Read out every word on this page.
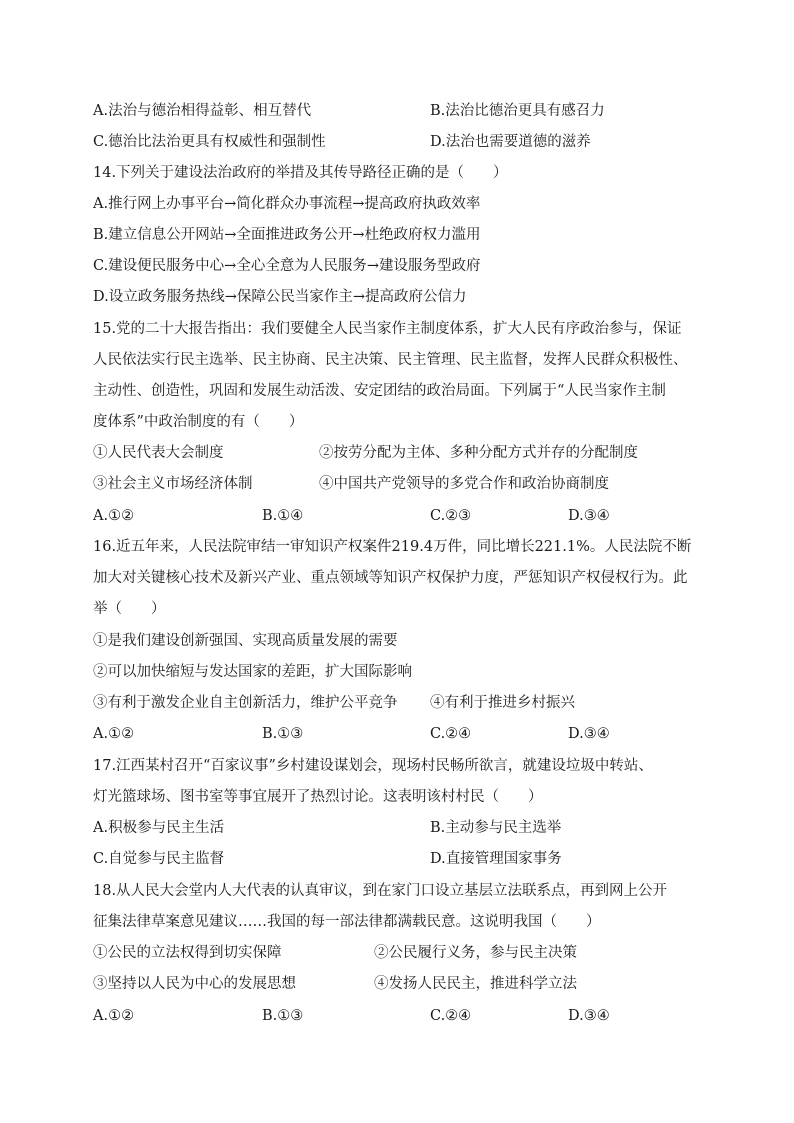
A.法治与德治相得益彰、相互替代	B.法治比德治更具有感召力
C.德治比法治更具有权威性和强制性	D.法治也需要道德的滋养
14.下列关于建设法治政府的举措及其传导路径正确的是（　　）
A.推行网上办事平台→简化群众办事流程→提高政府执政效率
B.建立信息公开网站→全面推进政务公开→杜绝政府权力滥用
C.建设便民服务中心→全心全意为人民服务→建设服务型政府
D.设立政务服务热线→保障公民当家作主→提高政府公信力
15.党的二十大报告指出：我们要健全人民当家作主制度体系，扩大人民有序政治参与，保证
人民依法实行民主选举、民主协商、民主决策、民主管理、民主监督，发挥人民群众积极性、
主动性、创造性，巩固和发展生动活泼、安定团结的政治局面。下列属于“人民当家作主制
度体系”中政治制度的有（　　）
①人民代表大会制度	②按劳分配为主体、多种分配方式并存的分配制度
③社会主义市场经济体制	④中国共产党领导的多党合作和政治协商制度
A.①②	B.①④	C.②③	D.③④
16.近五年来，人民法院审结一审知识产权案件219.4万件，同比增长221.1%。人民法院不断
加大对关键核心技术及新兴产业、重点领域等知识产权保护力度，严惩知识产权侵权行为。此
举（　　）
①是我们建设创新强国、实现高质量发展的需要
②可以加快缩短与发达国家的差距，扩大国际影响
③有利于激发企业自主创新活力，维护公平竞争 ④有利于推进乡村振兴
A.①②	B.①③	C.②④	D.③④
17.江西某村召开“百家议事”乡村建设谋划会，现场村民畅所欲言，就建设垃圾中转站、
灯光篮球场、图书室等事宜展开了热烈讨论。这表明该村村民（　　）
A.积极参与民主生活	B.主动参与民主选举
C.自觉参与民主监督	D.直接管理国家事务
18.从人民大会堂内人大代表的认真审议，到在家门口设立基层立法联系点，再到网上公开
征集法律草案意见建议……我国的每一部法律都满载民意。这说明我国（　　）
①公民的立法权得到切实保障	②公民履行义务，参与民主决策
③坚持以人民为中心的发展思想	④发扬人民民主，推进科学立法
A.①②	B.①③	C.②④	D.③④
